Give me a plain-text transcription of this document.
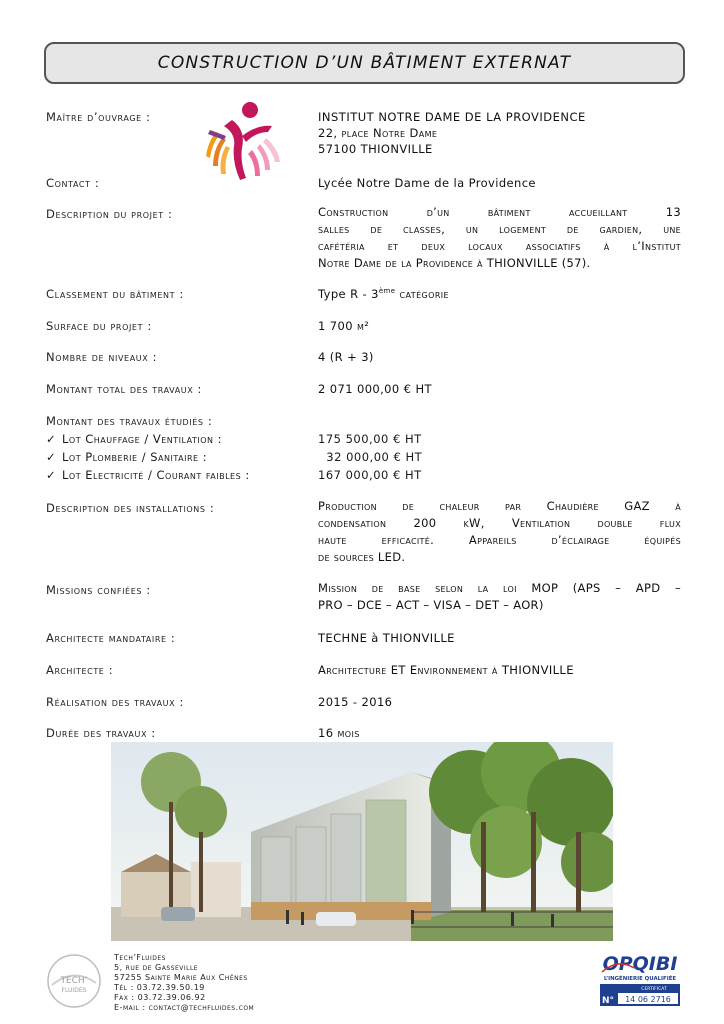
CONSTRUCTION D’UN BÂTIMENT EXTERNAT
Maître d’ouvrage :	INSTITUT NOTRE DAME DE LA PROVIDENCE
22, place Notre Dame
57100 THIONVILLE
Contact :	Lycée Notre Dame de la Providence
Description du projet :	Construction d’un bâtiment accueillant 13
salles de classes, un logement de gardien, une
cafétéria et deux locaux associatifs à l’Institut
Notre Dame de la Providence à THIONVILLE (57).
Classement du bâtiment :	Type R - 3ème catégorie
Surface du projet :	1 700 m²
Nombre de niveaux :	4 (R + 3)
Montant total des travaux :	2 071 000,00 € HT
Montant des travaux étudiés :
✓ Lot Chauffage / Ventilation :	175 500,00 € HT
✓ Lot Plomberie / Sanitaire :	32 000,00 € HT
✓ Lot Electricité / Courant faibles :	167 000,00 € HT
Description des installations :	Production de chaleur par Chaudière GAZ à
condensation 200 kW, Ventilation double flux
haute efficacité. Appareils d’éclairage équipés
de sources LED.
Missions confiées :	Mission de base selon la loi MOP (APS – APD –
PRO – DCE – ACT – VISA – DET – AOR)
Architecte mandataire :	TECHNE à THIONVILLE
Architecte :	Architecture ET Environnement à THIONVILLE
Réalisation des travaux :	2015 - 2016
Durée des travaux :	16 mois
TECH’
FLUIDES
Tech’Fluides
5, rue de Gasseville
57255 Sainte Marie Aux Chênes
Tél : 03.72.39.50.19
Fax : 03.72.39.06.92
E-mail : contact@techfluides.com
OPQIBI
L’INGÉNIERIE QUALIFIÉE
CERTIFICAT
N° 14 06 2716
